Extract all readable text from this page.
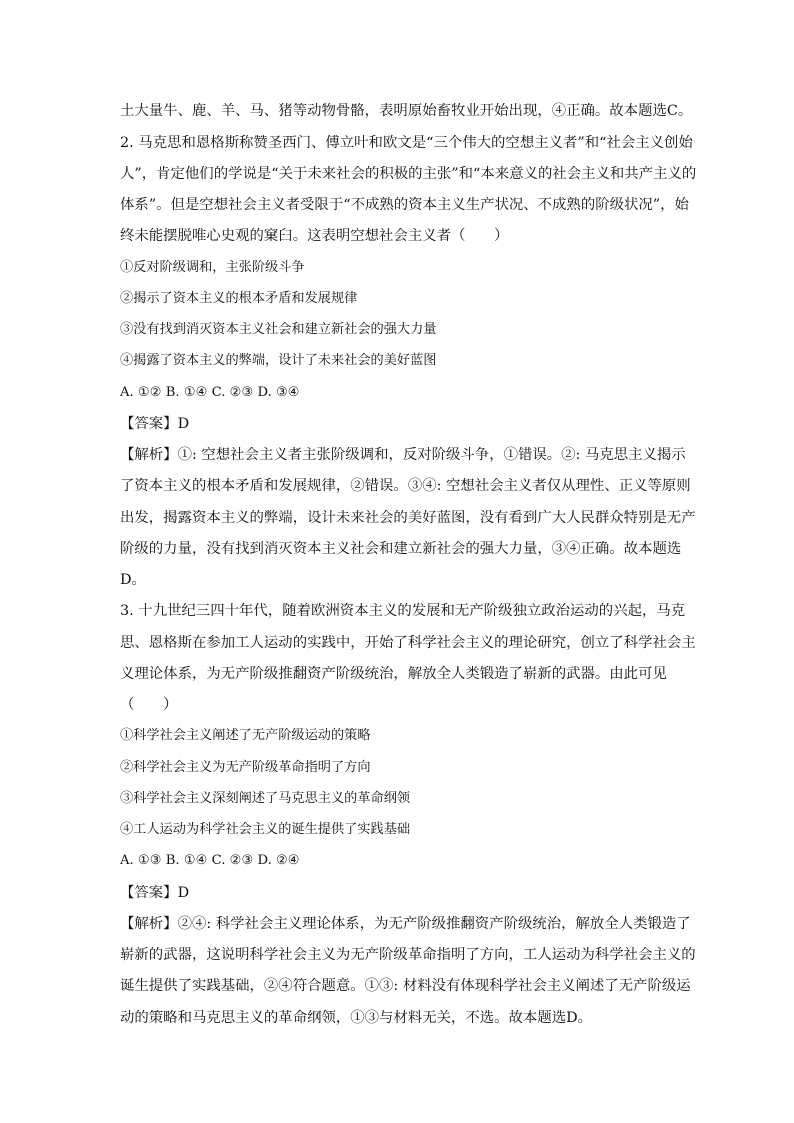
土大量牛、鹿、羊、马、猪等动物骨骼，表明原始畜牧业开始出现，④正确。故本题选C。
2. 马克思和恩格斯称赞圣西门、傅立叶和欧文是“三个伟大的空想主义者”和“社会主义创始
人”，肯定他们的学说是“关于未来社会的积极的主张”和“本来意义的社会主义和共产主义的
体系”。但是空想社会主义者受限于“不成熟的资本主义生产状况、不成熟的阶级状况”，始
终未能摆脱唯心史观的窠臼。这表明空想社会主义者（　　）
①反对阶级调和，主张阶级斗争
②揭示了资本主义的根本矛盾和发展规律
③没有找到消灭资本主义社会和建立新社会的强大力量
④揭露了资本主义的弊端，设计了未来社会的美好蓝图
A. ①② B. ①④ C. ②③ D. ③④
【答案】D
【解析】①: 空想社会主义者主张阶级调和，反对阶级斗争，①错误。②: 马克思主义揭示
了资本主义的根本矛盾和发展规律，②错误。③④: 空想社会主义者仅从理性、正义等原则
出发，揭露资本主义的弊端，设计未来社会的美好蓝图，没有看到广大人民群众特别是无产
阶级的力量，没有找到消灭资本主义社会和建立新社会的强大力量，③④正确。故本题选
D。
3. 十九世纪三四十年代，随着欧洲资本主义的发展和无产阶级独立政治运动的兴起，马克
思、恩格斯在参加工人运动的实践中，开始了科学社会主义的理论研究，创立了科学社会主
义理论体系，为无产阶级推翻资产阶级统治，解放全人类锻造了崭新的武器。由此可见
（　　）
①科学社会主义阐述了无产阶级运动的策略
②科学社会主义为无产阶级革命指明了方向
③科学社会主义深刻阐述了马克思主义的革命纲领
④工人运动为科学社会主义的诞生提供了实践基础
A. ①③ B. ①④ C. ②③ D. ②④
【答案】D
【解析】②④: 科学社会主义理论体系，为无产阶级推翻资产阶级统治，解放全人类锻造了
崭新的武器，这说明科学社会主义为无产阶级革命指明了方向，工人运动为科学社会主义的
诞生提供了实践基础，②④符合题意。①③: 材料没有体现科学社会主义阐述了无产阶级运
动的策略和马克思主义的革命纲领，①③与材料无关，不选。故本题选D。
